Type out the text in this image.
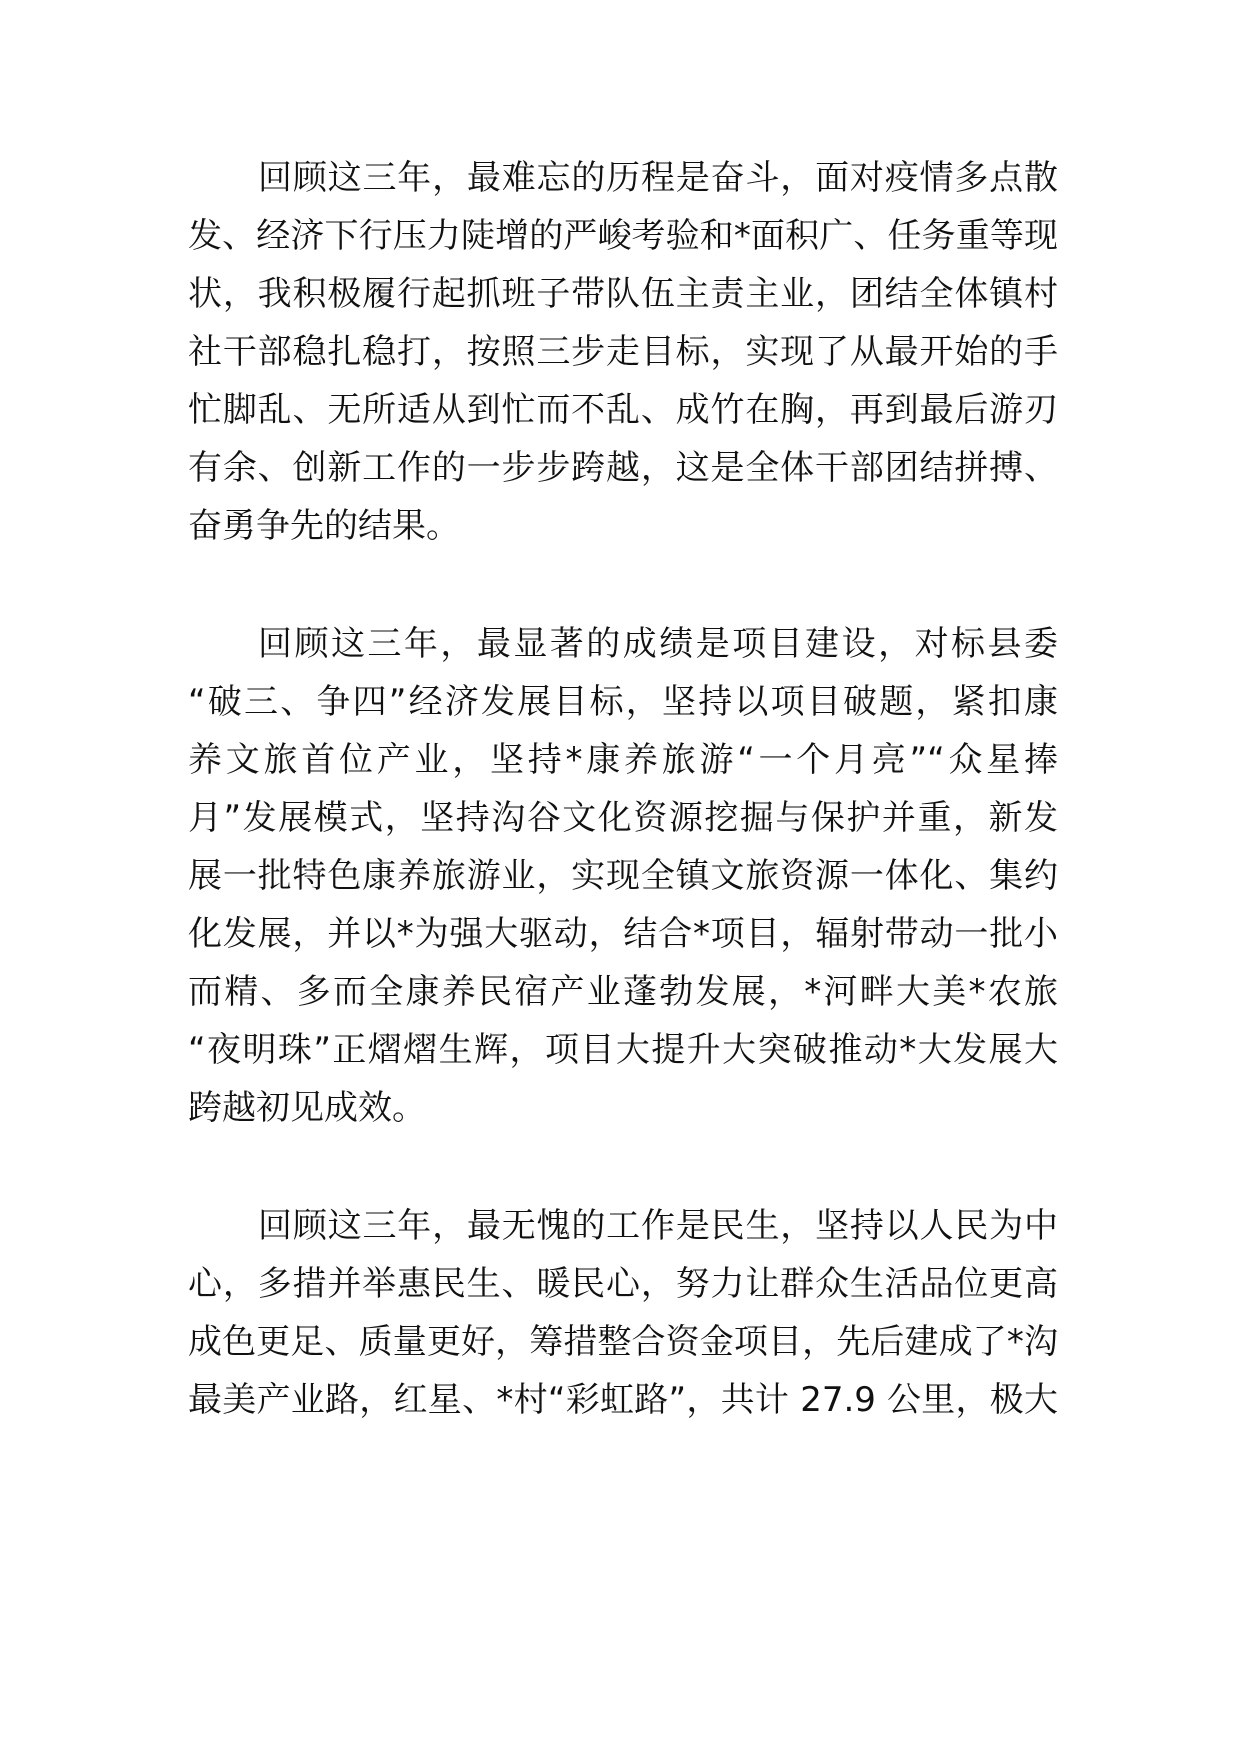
回顾这三年，最难忘的历程是奋斗，面对疫情多点散
发、经济下行压力陡增的严峻考验和*面积广、任务重等现
状，我积极履行起抓班子带队伍主责主业，团结全体镇村
社干部稳扎稳打，按照三步走目标，实现了从最开始的手
忙脚乱、无所适从到忙而不乱、成竹在胸，再到最后游刃
有余、创新工作的一步步跨越，这是全体干部团结拼搏、
奋勇争先的结果。
回顾这三年，最显著的成绩是项目建设，对标县委
“破三、争四”经济发展目标，坚持以项目破题，紧扣康
养文旅首位产业，坚持*康养旅游“一个月亮”“众星捧
月”发展模式，坚持沟谷文化资源挖掘与保护并重，新发
展一批特色康养旅游业，实现全镇文旅资源一体化、集约
化发展，并以*为强大驱动，结合*项目，辐射带动一批小
而精、多而全康养民宿产业蓬勃发展，*河畔大美*农旅
“夜明珠”正熠熠生辉，项目大提升大突破推动*大发展大
跨越初见成效。
回顾这三年，最无愧的工作是民生，坚持以人民为中
心，多措并举惠民生、暖民心，努力让群众生活品位更高
成色更足、质量更好，筹措整合资金项目，先后建成了*沟
最美产业路，红星、*村“彩虹路”，共计 27.9 公里，极大
